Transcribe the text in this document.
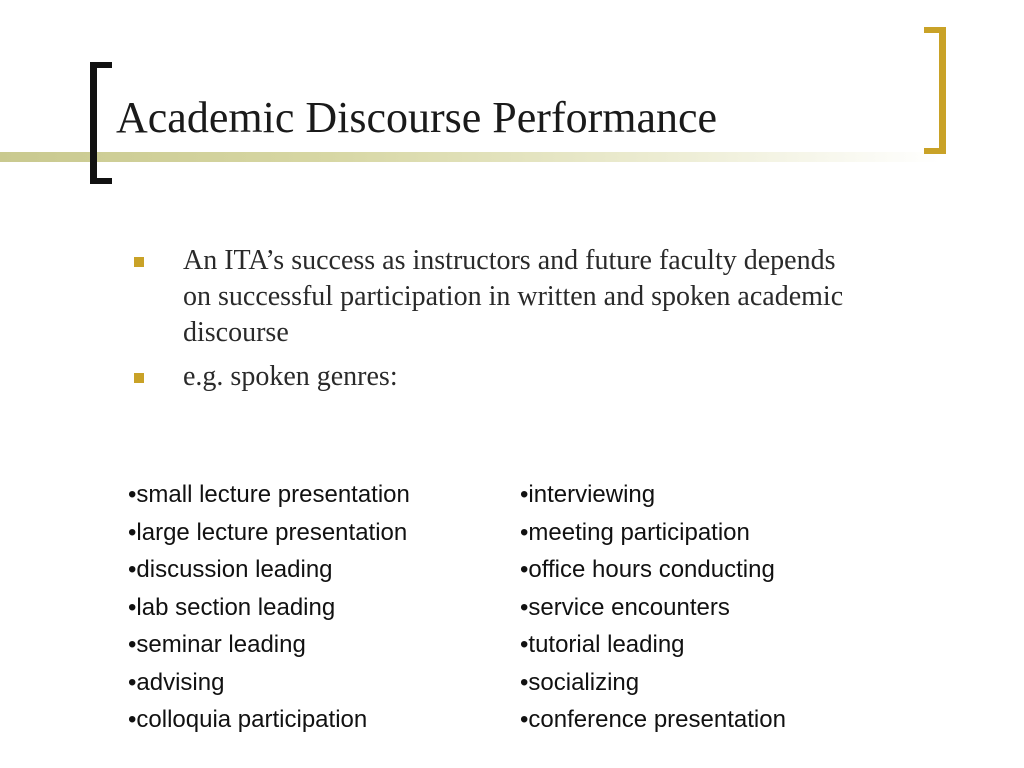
Academic Discourse Performance
An ITA’s success as instructors and future faculty depends on successful participation in written and spoken academic discourse
e.g. spoken genres:
•small lecture presentation
•large lecture presentation
•discussion leading
•lab section leading
•seminar leading
•advising
•colloquia participation
•interviewing
•meeting participation
•office hours conducting
•service encounters
•tutorial leading
•socializing
•conference presentation
